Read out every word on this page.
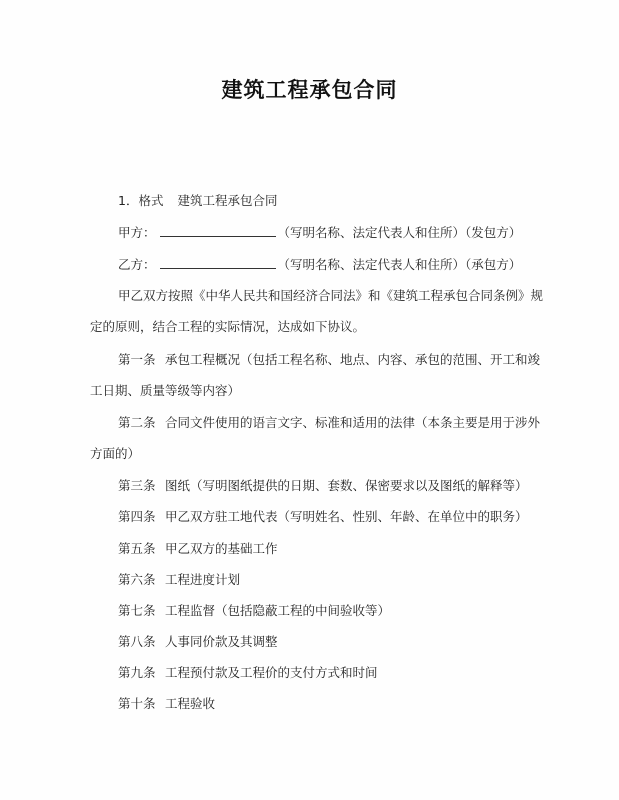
建筑工程承包合同
1．格式 建筑工程承包合同
甲方：	（写明名称、法定代表人和住所）（发包方）
乙方：	（写明名称、法定代表人和住所）（承包方）
甲乙双方按照《中华人民共和国经济合同法》和《建筑工程承包合同条例》规
定的原则，结合工程的实际情况，达成如下协议。
第一条 承包工程概况（包括工程名称、地点、内容、承包的范围、开工和竣
工日期、质量等级等内容）
第二条 合同文件使用的语言文字、标准和适用的法律（本条主要是用于涉外
方面的）
第三条 图纸（写明图纸提供的日期、套数、保密要求以及图纸的解释等）
第四条 甲乙双方驻工地代表（写明姓名、性别、年龄、在单位中的职务）
第五条 甲乙双方的基础工作
第六条 工程进度计划
第七条 工程监督（包括隐蔽工程的中间验收等）
第八条 人事同价款及其调整
第九条 工程预付款及工程价的支付方式和时间
第十条 工程验收
